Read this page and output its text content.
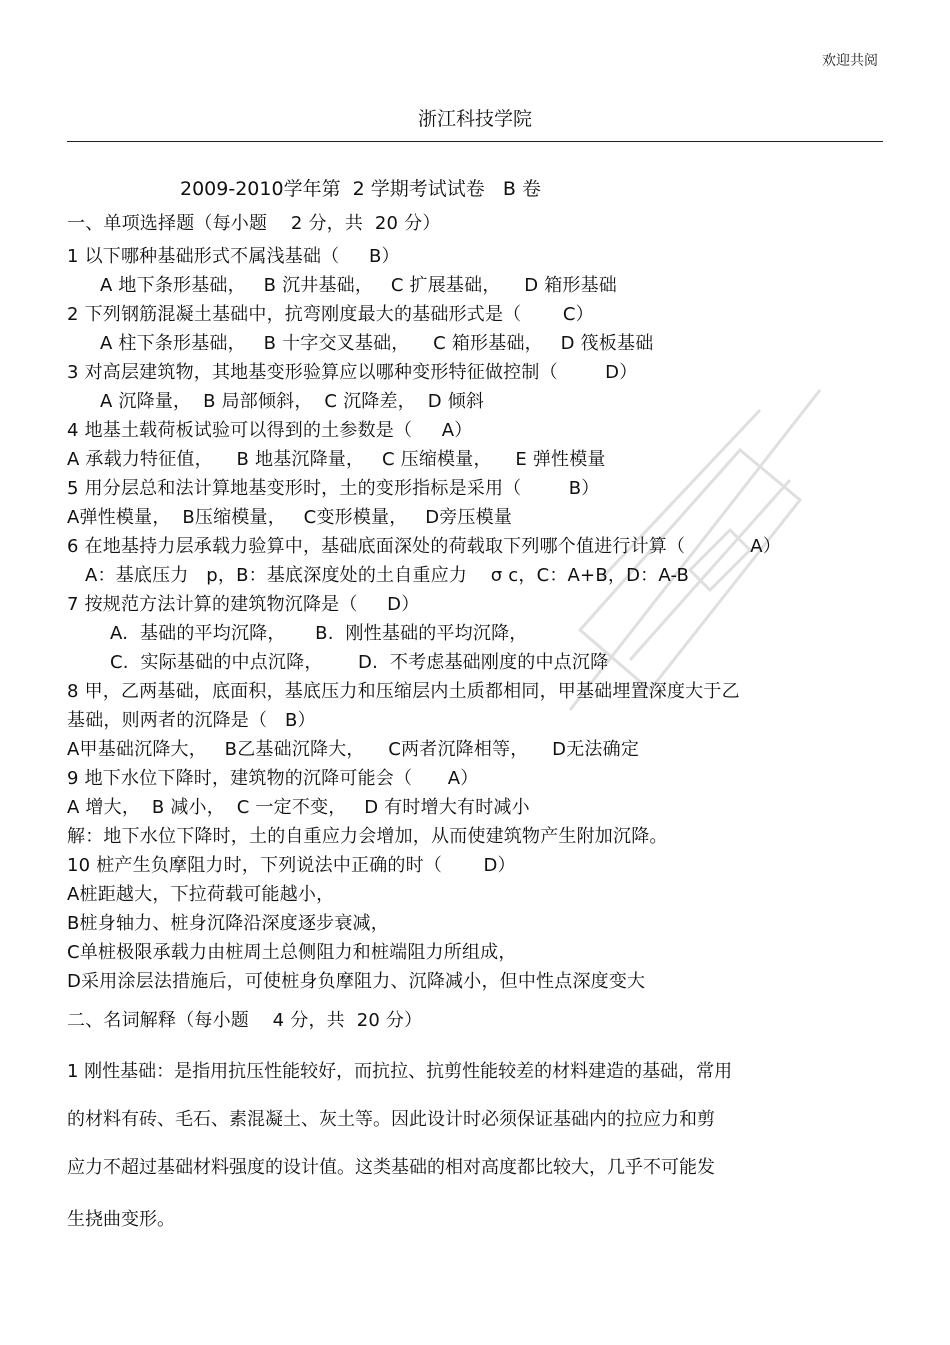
欢迎共阅
浙江科技学院
2009-2010学年第  2 学期考试试卷   B 卷
一、单项选择题（每小题    2 分，共  20 分）
1 以下哪种基础形式不属浅基础（     B）
A 地下条形基础，   B 沉井基础，   C 扩展基础，    D 箱形基础
2 下列钢筋混凝土基础中，抗弯刚度最大的基础形式是（       C）
A 柱下条形基础，   B 十字交叉基础，    C 箱形基础，   D 筏板基础
3 对高层建筑物，其地基变形验算应以哪种变形特征做控制（        D）
A 沉降量，  B 局部倾斜，  C 沉降差，  D 倾斜
4 地基土载荷板试验可以得到的土参数是（     A）
A 承载力特征值，    B 地基沉降量，   C 压缩模量，    E 弹性模量
5 用分层总和法计算地基变形时，土的变形指标是采用（        B）
A弹性模量，  B压缩模量，   C变形模量，   D旁压模量
6 在地基持力层承载力验算中，基础底面深处的荷载取下列哪个值进行计算（           A）
A：基底压力   p，B：基底深度处的土自重应力    σ c，C：A+B，D：A-B
7 按规范方法计算的建筑物沉降是（     D）
A.  基础的平均沉降，     B.  刚性基础的平均沉降，
C.  实际基础的中点沉降，      D.  不考虑基础刚度的中点沉降
8 甲，乙两基础，底面积，基底压力和压缩层内土质都相同，甲基础埋置深度大于乙
基础，则两者的沉降是（   B）
A甲基础沉降大，   B乙基础沉降大，    C两者沉降相等，    D无法确定
9 地下水位下降时，建筑物的沉降可能会（      A）
A 增大，  B 减小，  C 一定不变，   D 有时增大有时减小
解：地下水位下降时，土的自重应力会增加，从而使建筑物产生附加沉降。
10 桩产生负摩阻力时，下列说法中正确的时（       D）
A桩距越大，下拉荷载可能越小，
B桩身轴力、桩身沉降沿深度逐步衰减，
C单桩极限承载力由桩周土总侧阻力和桩端阻力所组成，
D采用涂层法措施后，可使桩身负摩阻力、沉降减小，但中性点深度变大
二、名词解释（每小题    4 分，共  20 分）
1 刚性基础：是指用抗压性能较好，而抗拉、抗剪性能较差的材料建造的基础，常用
的材料有砖、毛石、素混凝土、灰土等。因此设计时必须保证基础内的拉应力和剪
应力不超过基础材料强度的设计值。这类基础的相对高度都比较大，几乎不可能发
生挠曲变形。
